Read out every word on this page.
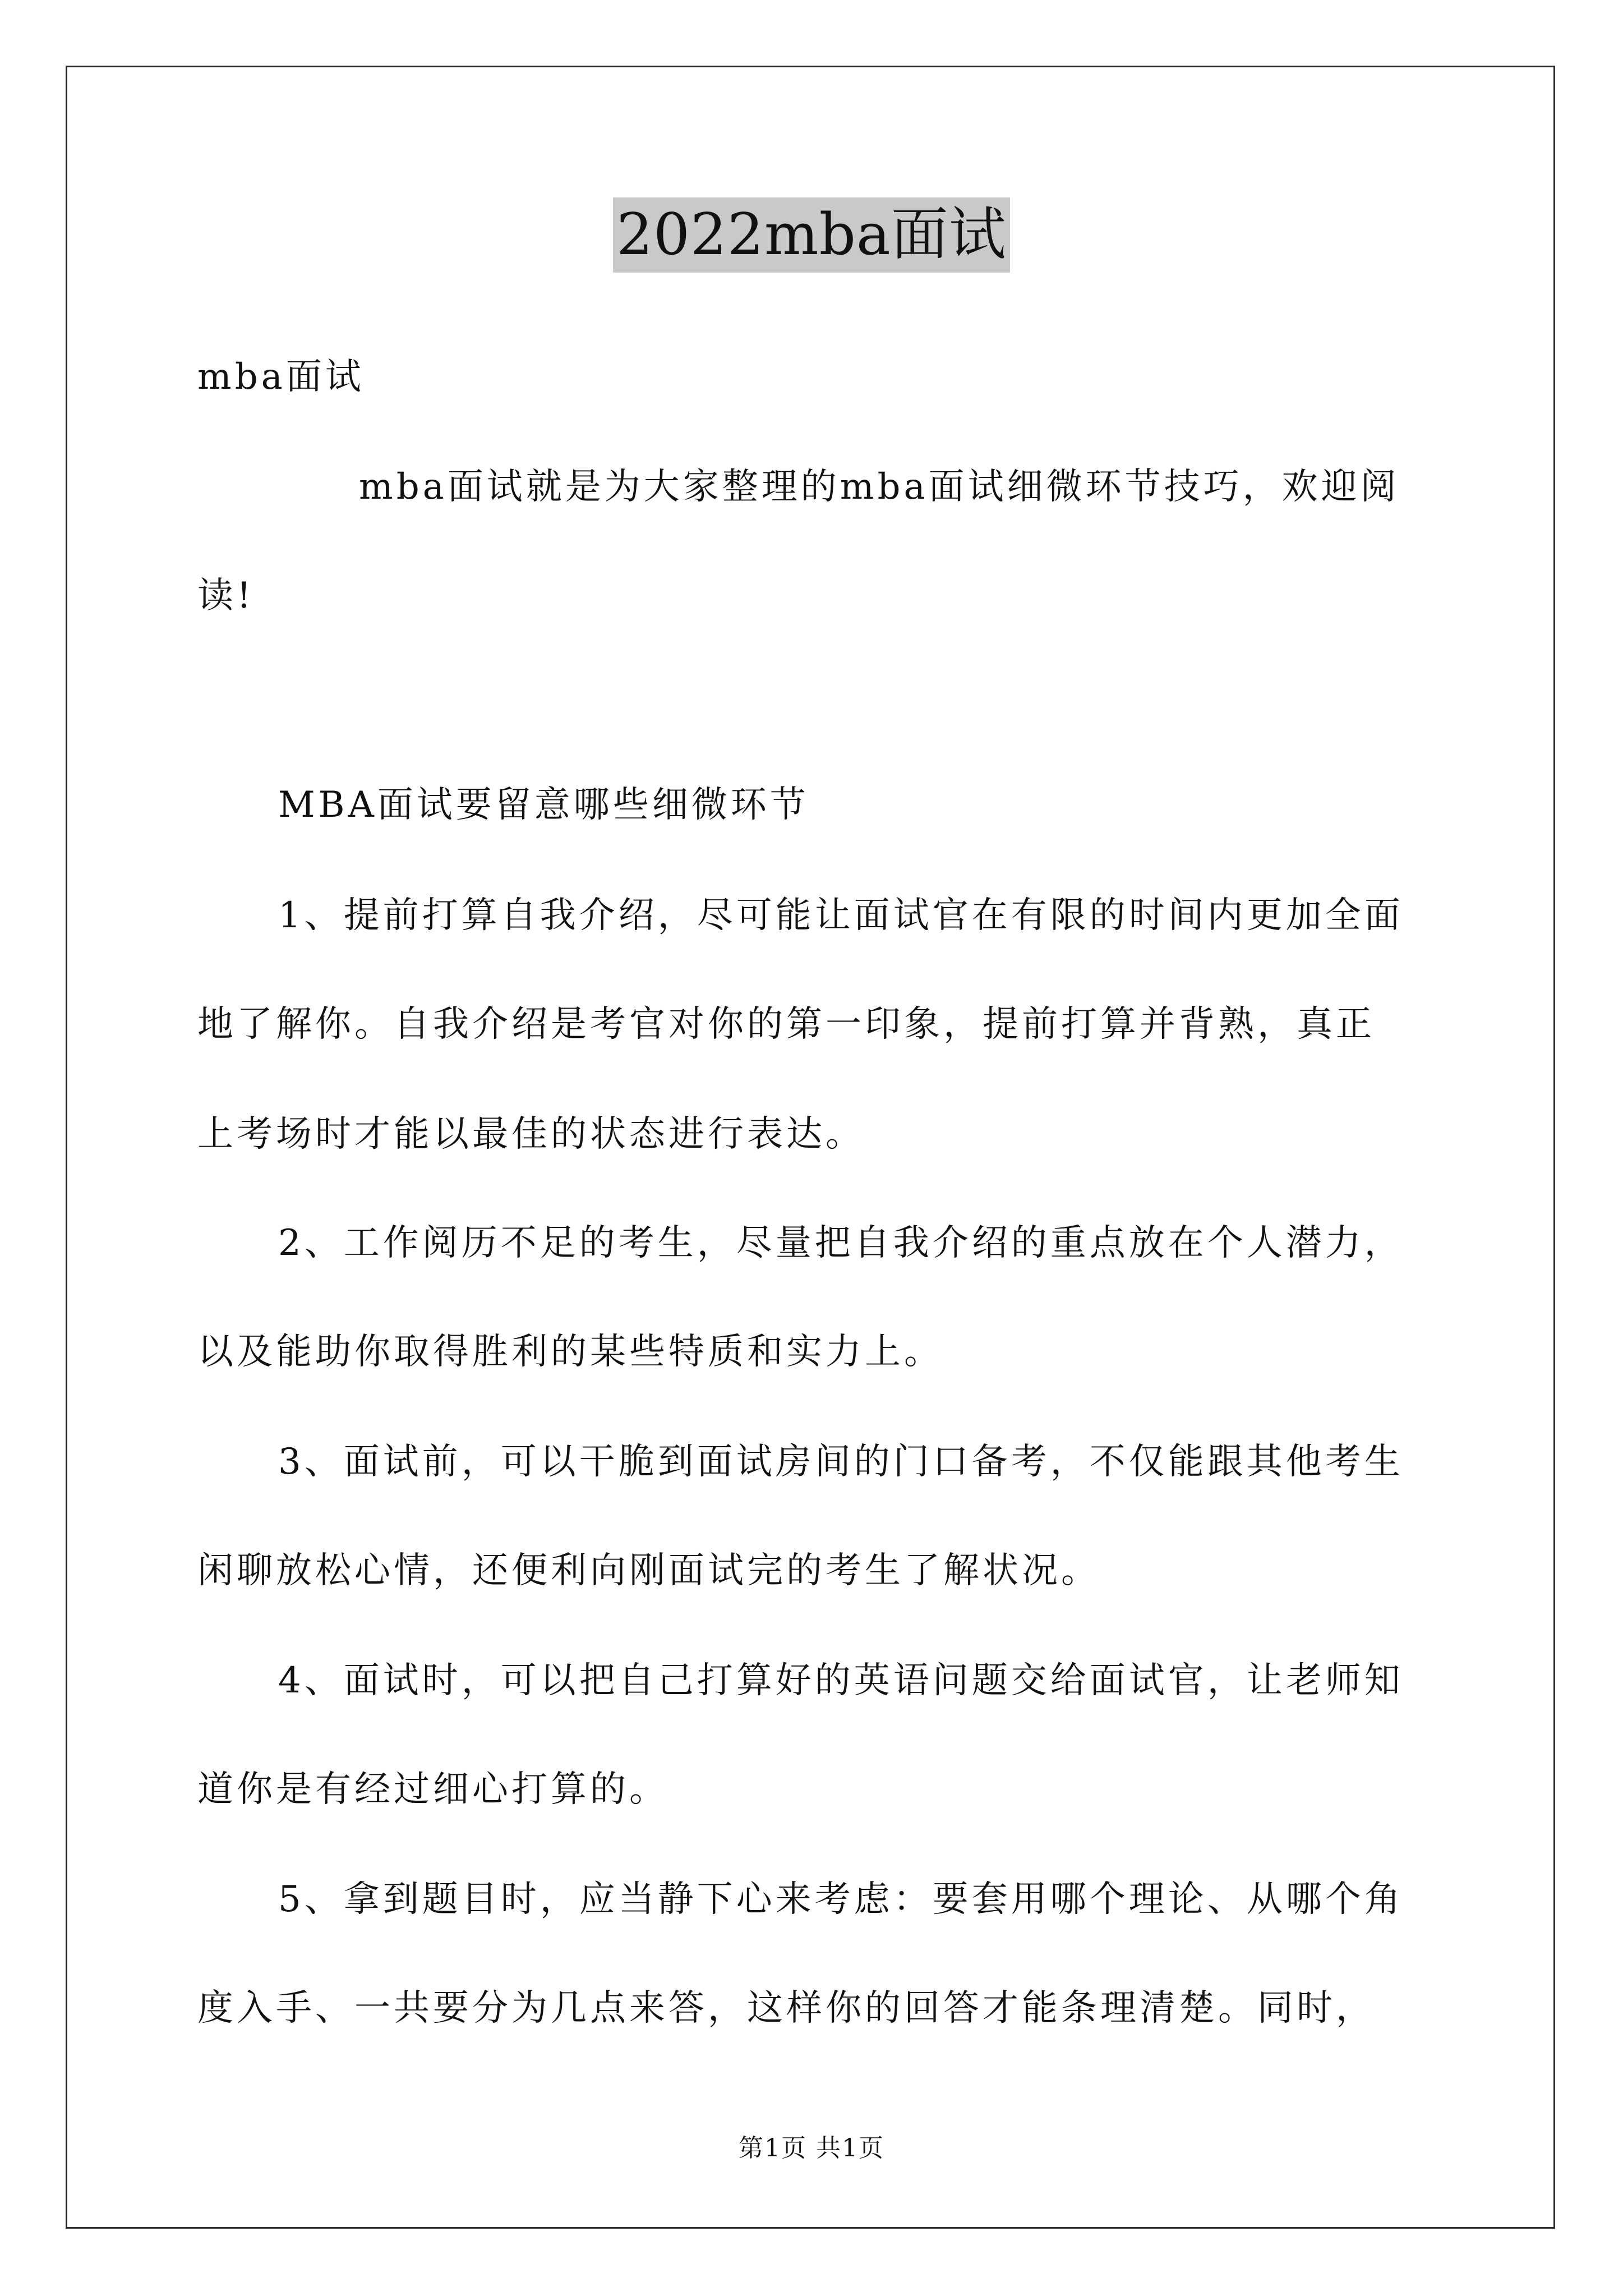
2022mba面试
mba面试
mba面试就是为大家整理的mba面试细微环节技巧，欢迎阅
读!
MBA面试要留意哪些细微环节
1、提前打算自我介绍，尽可能让面试官在有限的时间内更加全面
地了解你。自我介绍是考官对你的第一印象，提前打算并背熟，真正
上考场时才能以最佳的状态进行表达。
2、工作阅历不足的考生，尽量把自我介绍的重点放在个人潜力，
以及能助你取得胜利的某些特质和实力上。
3、面试前，可以干脆到面试房间的门口备考，不仅能跟其他考生
闲聊放松心情，还便利向刚面试完的考生了解状况。
4、面试时，可以把自己打算好的英语问题交给面试官，让老师知
道你是有经过细心打算的。
5、拿到题目时，应当静下心来考虑：要套用哪个理论、从哪个角
度入手、一共要分为几点来答，这样你的回答才能条理清楚。同时，
第1页 共1页
